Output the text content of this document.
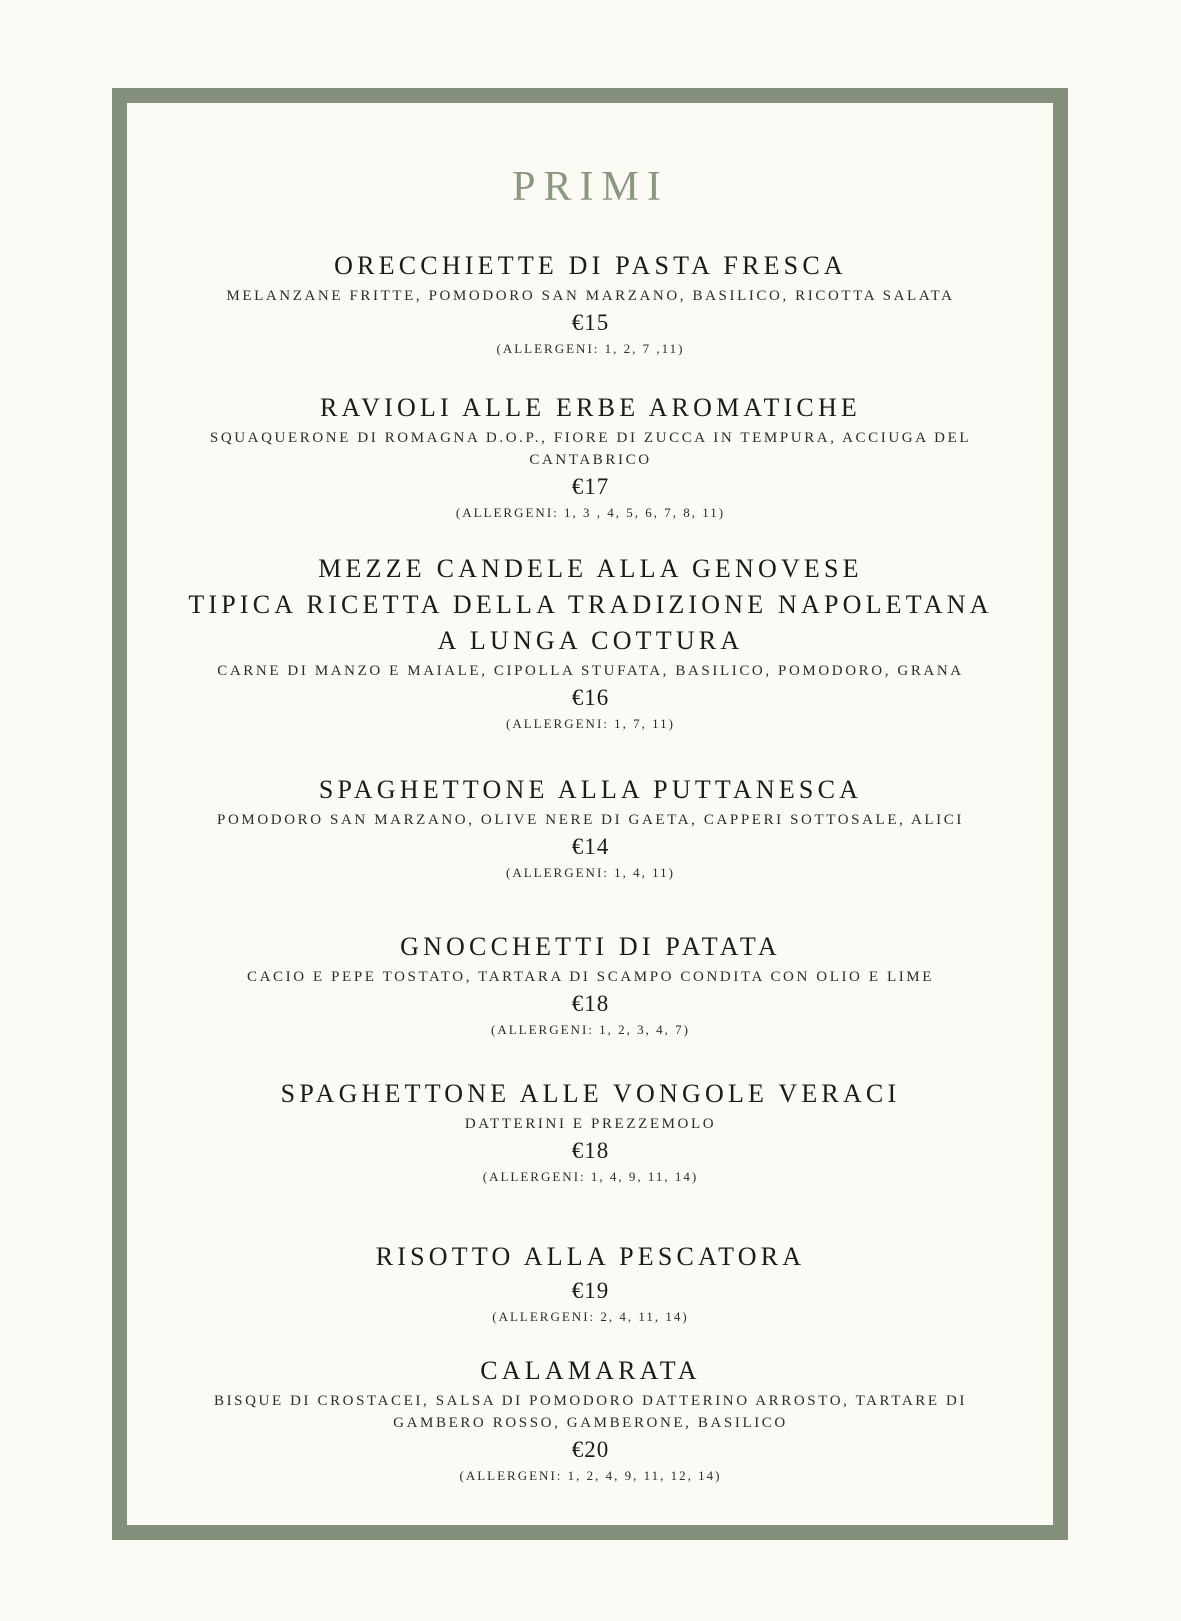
PRIMI
ORECCHIETTE DI PASTA FRESCA
MELANZANE FRITTE, POMODORO SAN MARZANO, BASILICO, RICOTTA SALATA
€15
(ALLERGENI: 1, 2, 7 ,11)
RAVIOLI ALLE ERBE AROMATICHE
SQUAQUERONE DI ROMAGNA D.O.P., FIORE DI ZUCCA IN TEMPURA, ACCIUGA DEL CANTABRICO
€17
(ALLERGENI: 1, 3 , 4, 5, 6, 7, 8, 11)
MEZZE CANDELE ALLA GENOVESE
TIPICA RICETTA DELLA TRADIZIONE NAPOLETANA
A LUNGA COTTURA
CARNE DI MANZO E MAIALE, CIPOLLA STUFATA, BASILICO, POMODORO, GRANA
€16
(ALLERGENI: 1, 7, 11)
SPAGHETTONE ALLA PUTTANESCA
POMODORO SAN MARZANO, OLIVE NERE DI GAETA, CAPPERI SOTTOSALE, ALICI
€14
(ALLERGENI: 1, 4, 11)
GNOCCHETTI DI PATATA
CACIO E PEPE TOSTATO, TARTARA DI SCAMPO CONDITA CON OLIO E LIME
€18
(ALLERGENI: 1, 2, 3, 4, 7)
SPAGHETTONE ALLE VONGOLE VERACI
DATTERINI E PREZZEMOLO
€18
(ALLERGENI: 1, 4, 9, 11, 14)
RISOTTO ALLA PESCATORA
€19
(ALLERGENI: 2, 4, 11, 14)
CALAMARATA
BISQUE DI CROSTACEI, SALSA DI POMODORO DATTERINO ARROSTO, TARTARE DI GAMBERO ROSSO, GAMBERONE, BASILICO
€20
(ALLERGENI: 1, 2, 4, 9, 11, 12, 14)
